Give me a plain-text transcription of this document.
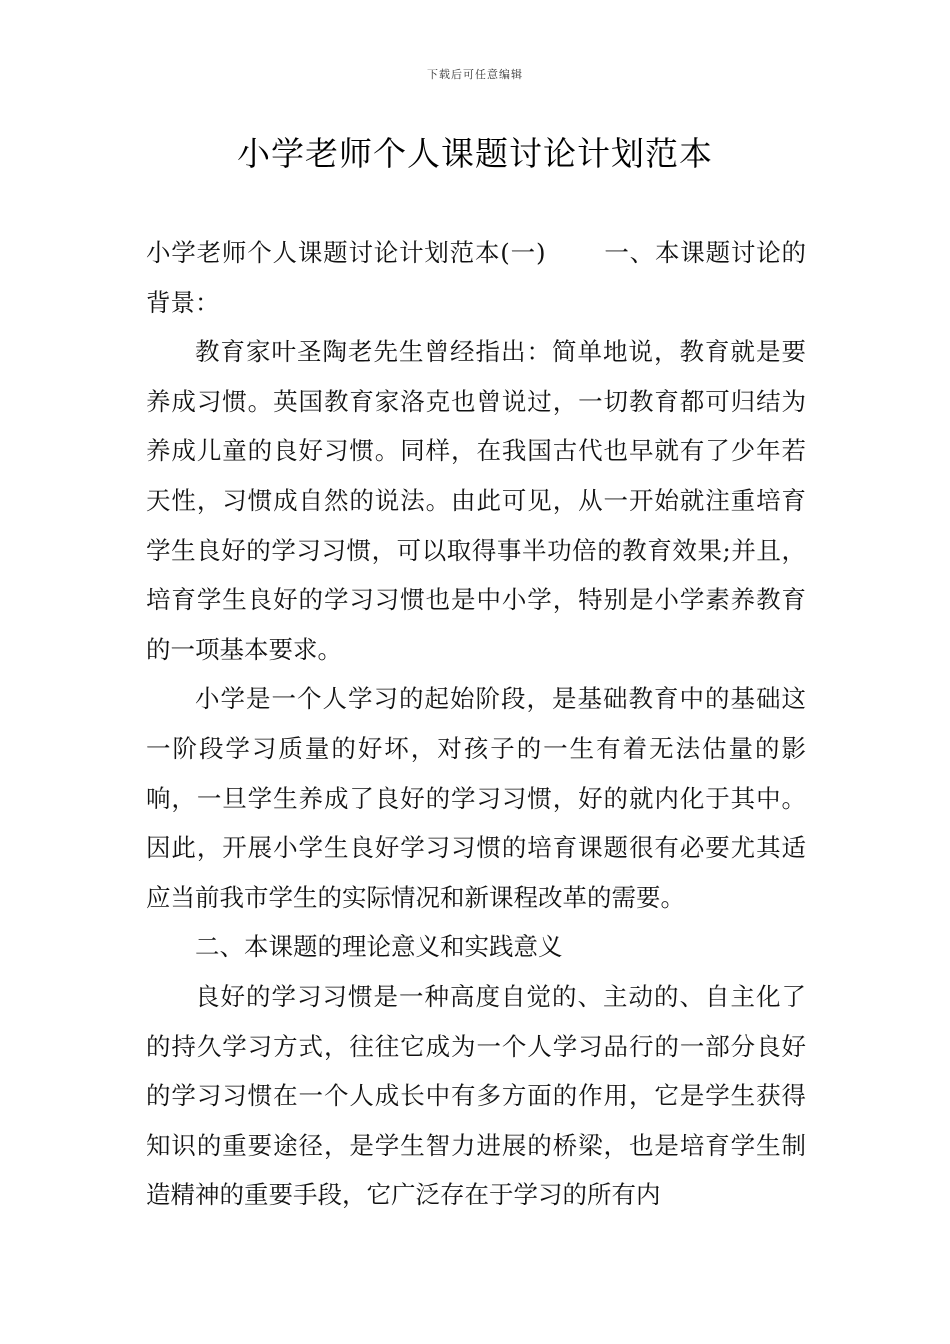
下载后可任意编辑
小学老师个人课题讨论计划范本

小学老师个人课题讨论计划范本(一) 一、本课题讨论的背景：

教育家叶圣陶老先生曾经指出：简单地说，教育就是要养成习惯。英国教育家洛克也曾说过，一切教育都可归结为养成儿童的良好习惯。同样，在我国古代也早就有了少年若天性，习惯成自然的说法。由此可见，从一开始就注重培育学生良好的学习习惯，可以取得事半功倍的教育效果;并且，培育学生良好的学习习惯也是中小学，特别是小学素养教育的一项基本要求。

小学是一个人学习的起始阶段，是基础教育中的基础这一阶段学习质量的好坏，对孩子的一生有着无法估量的影响，一旦学生养成了良好的学习习惯，好的就内化于其中。因此，开展小学生良好学习习惯的培育课题很有必要尤其适应当前我市学生的实际情况和新课程改革的需要。

二、本课题的理论意义和实践意义

良好的学习习惯是一种高度自觉的、主动的、自主化了的持久学习方式，往往它成为一个人学习品行的一部分良好的学习习惯在一个人成长中有多方面的作用，它是学生获得知识的重要途径，是学生智力进展的桥梁，也是培育学生制造精神的重要手段，它广泛存在于学习的所有内
